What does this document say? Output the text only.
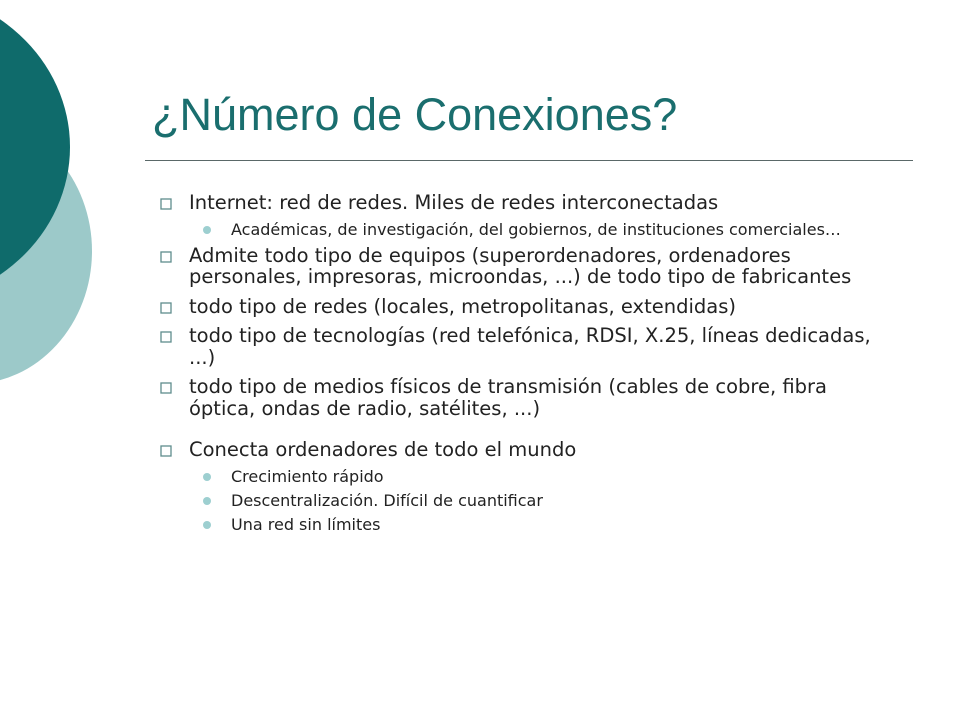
¿Número de Conexiones?
Internet: red de redes. Miles de redes interconectadas
Académicas, de investigación, del gobiernos, de instituciones comerciales…
Admite todo tipo de equipos (superordenadores, ordenadores personales, impresoras, microondas, ...) de todo tipo de fabricantes
todo tipo de redes (locales, metropolitanas, extendidas)
todo tipo de tecnologías (red telefónica, RDSI, X.25, líneas dedicadas, ...)
todo tipo de medios físicos de transmisión (cables de cobre, fibra óptica, ondas de radio, satélites, ...)
Conecta ordenadores de todo el mundo
Crecimiento rápido
Descentralización. Difícil de cuantificar
Una red sin límites
